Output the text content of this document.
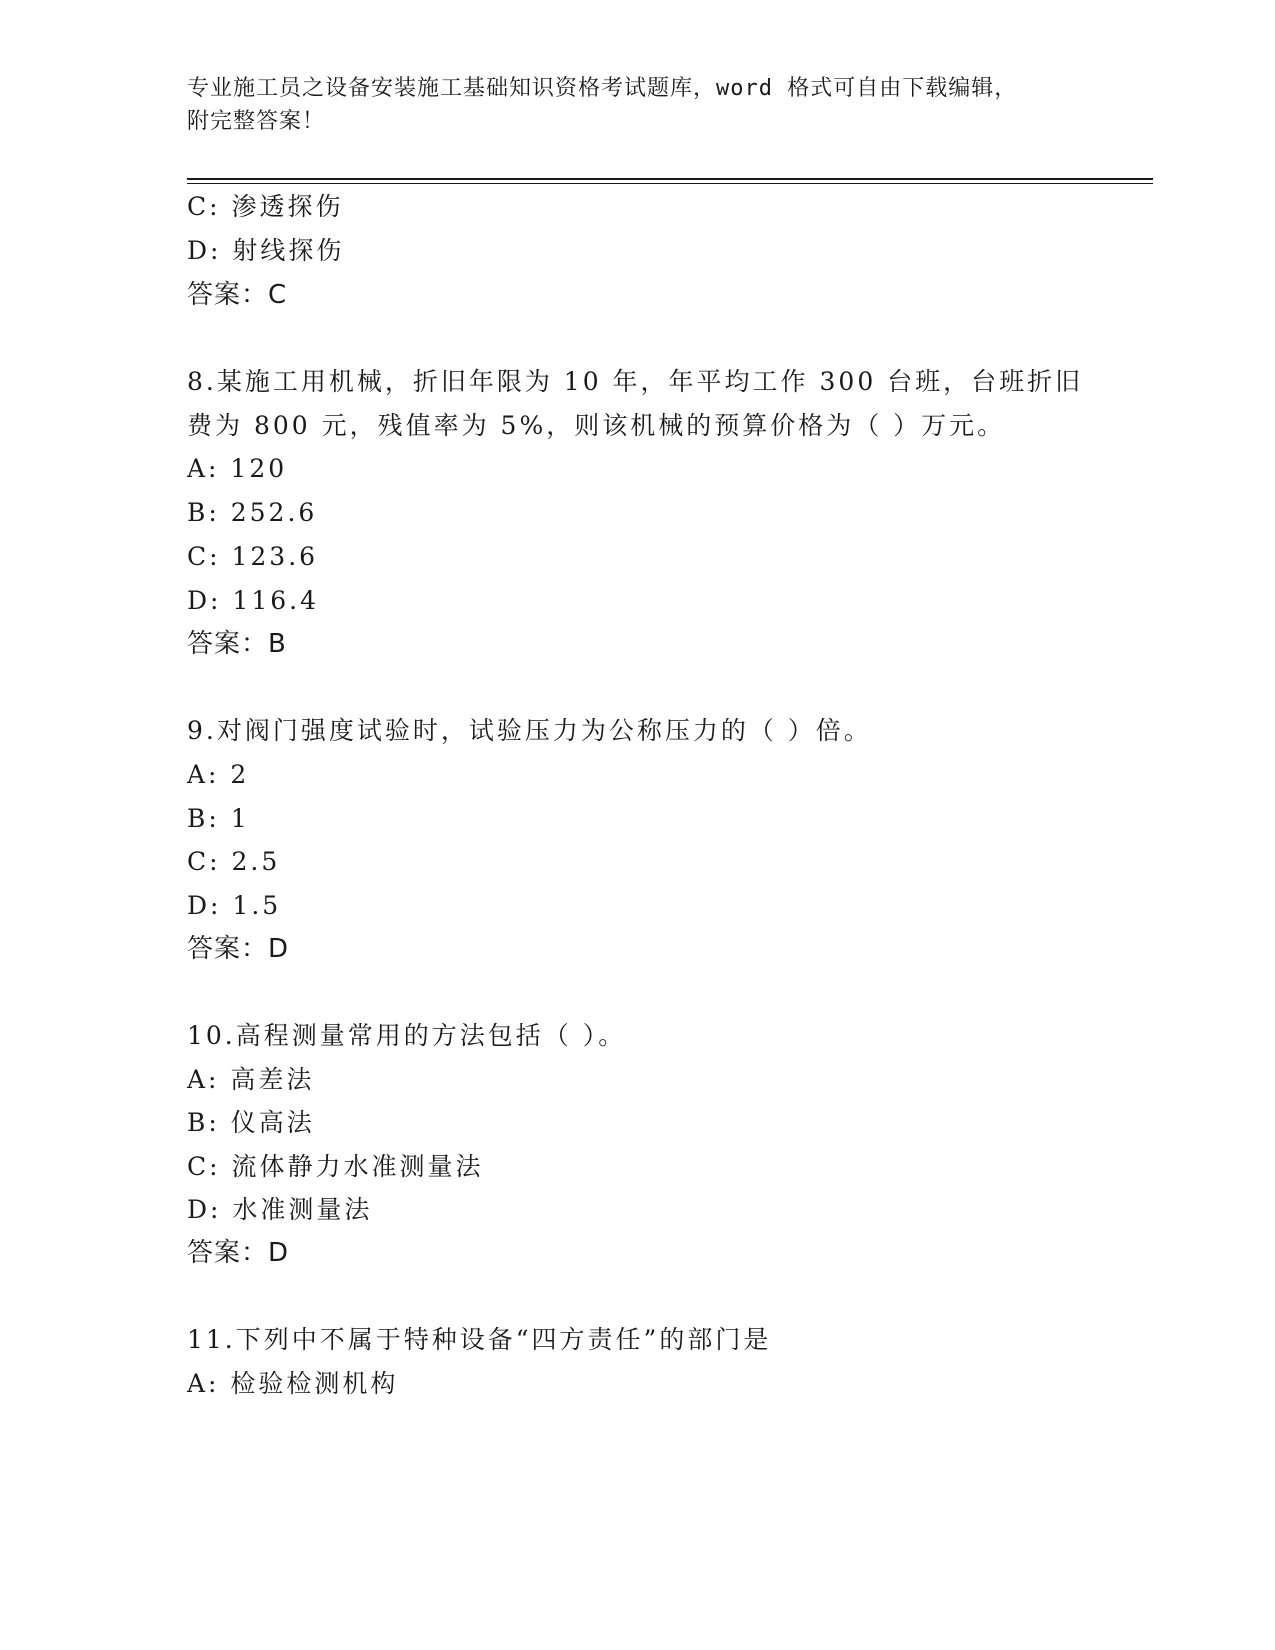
专业施工员之设备安装施工基础知识资格考试题库，word 格式可自由下载编辑，
附完整答案！
C: 渗透探伤
D: 射线探伤
答案：C
8.某施工用机械，折旧年限为 10 年，年平均工作 300 台班，台班折旧
费为 800 元，残值率为 5%，则该机械的预算价格为（ ）万元。
A: 120
B: 252.6
C: 123.6
D: 116.4
答案：B
9.对阀门强度试验时，试验压力为公称压力的（ ）倍。
A: 2
B: 1
C: 2.5
D: 1.5
答案：D
10.高程测量常用的方法包括（ ）。
A: 高差法
B: 仪高法
C: 流体静力水准测量法
D: 水准测量法
答案：D
11.下列中不属于特种设备“四方责任”的部门是
A: 检验检测机构
